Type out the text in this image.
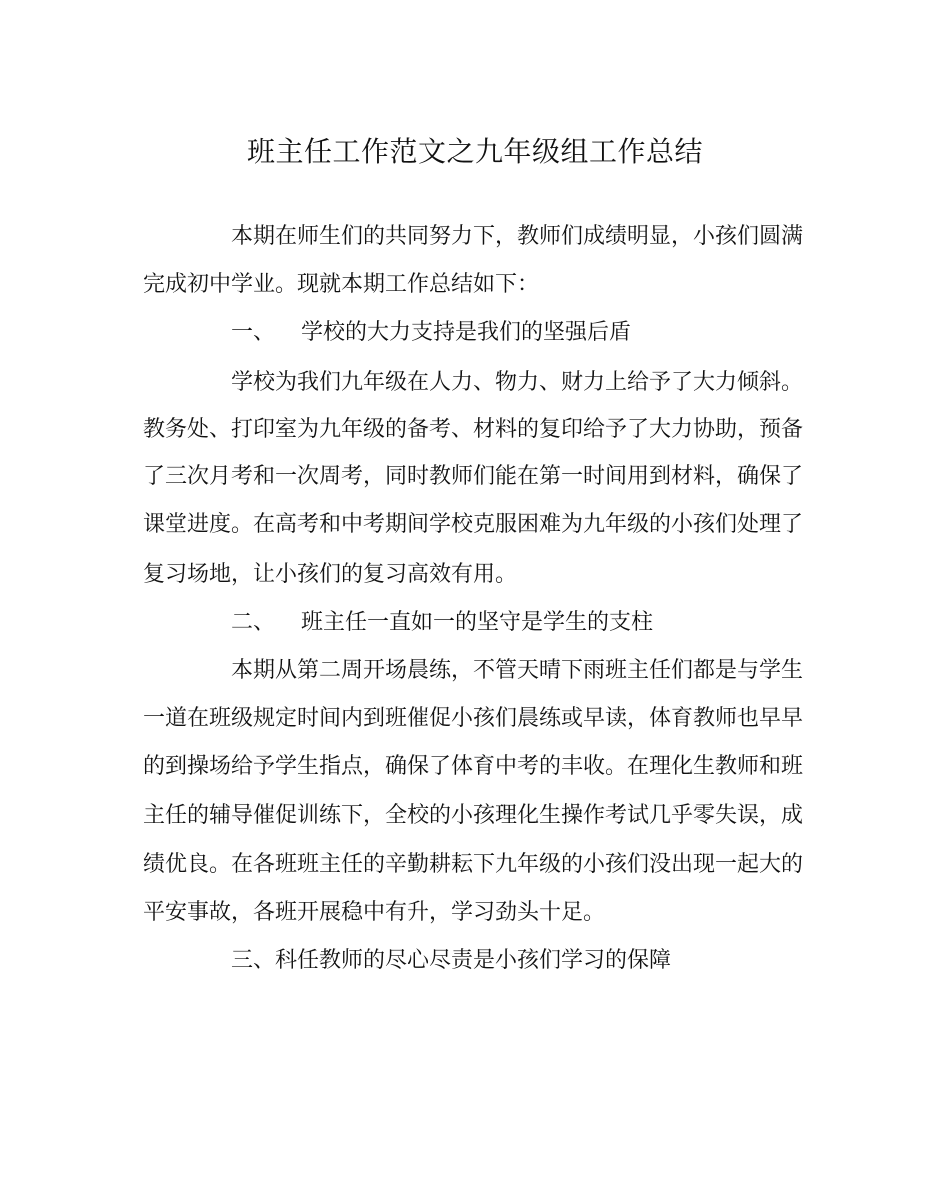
班主任工作范文之九年级组工作总结
本期在师生们的共同努力下，教师们成绩明显，小孩们圆满
完成初中学业。现就本期工作总结如下：
一、 学校的大力支持是我们的坚强后盾
学校为我们九年级在人力、物力、财力上给予了大力倾斜。
教务处、打印室为九年级的备考、材料的复印给予了大力协助，预备
了三次月考和一次周考，同时教师们能在第一时间用到材料，确保了
课堂进度。在高考和中考期间学校克服困难为九年级的小孩们处理了
复习场地，让小孩们的复习高效有用。
二、 班主任一直如一的坚守是学生的支柱
本期从第二周开场晨练，不管天晴下雨班主任们都是与学生
一道在班级规定时间内到班催促小孩们晨练或早读，体育教师也早早
的到操场给予学生指点，确保了体育中考的丰收。在理化生教师和班
主任的辅导催促训练下，全校的小孩理化生操作考试几乎零失误，成
绩优良。在各班班主任的辛勤耕耘下九年级的小孩们没出现一起大的
平安事故，各班开展稳中有升，学习劲头十足。
三、科任教师的尽心尽责是小孩们学习的保障
